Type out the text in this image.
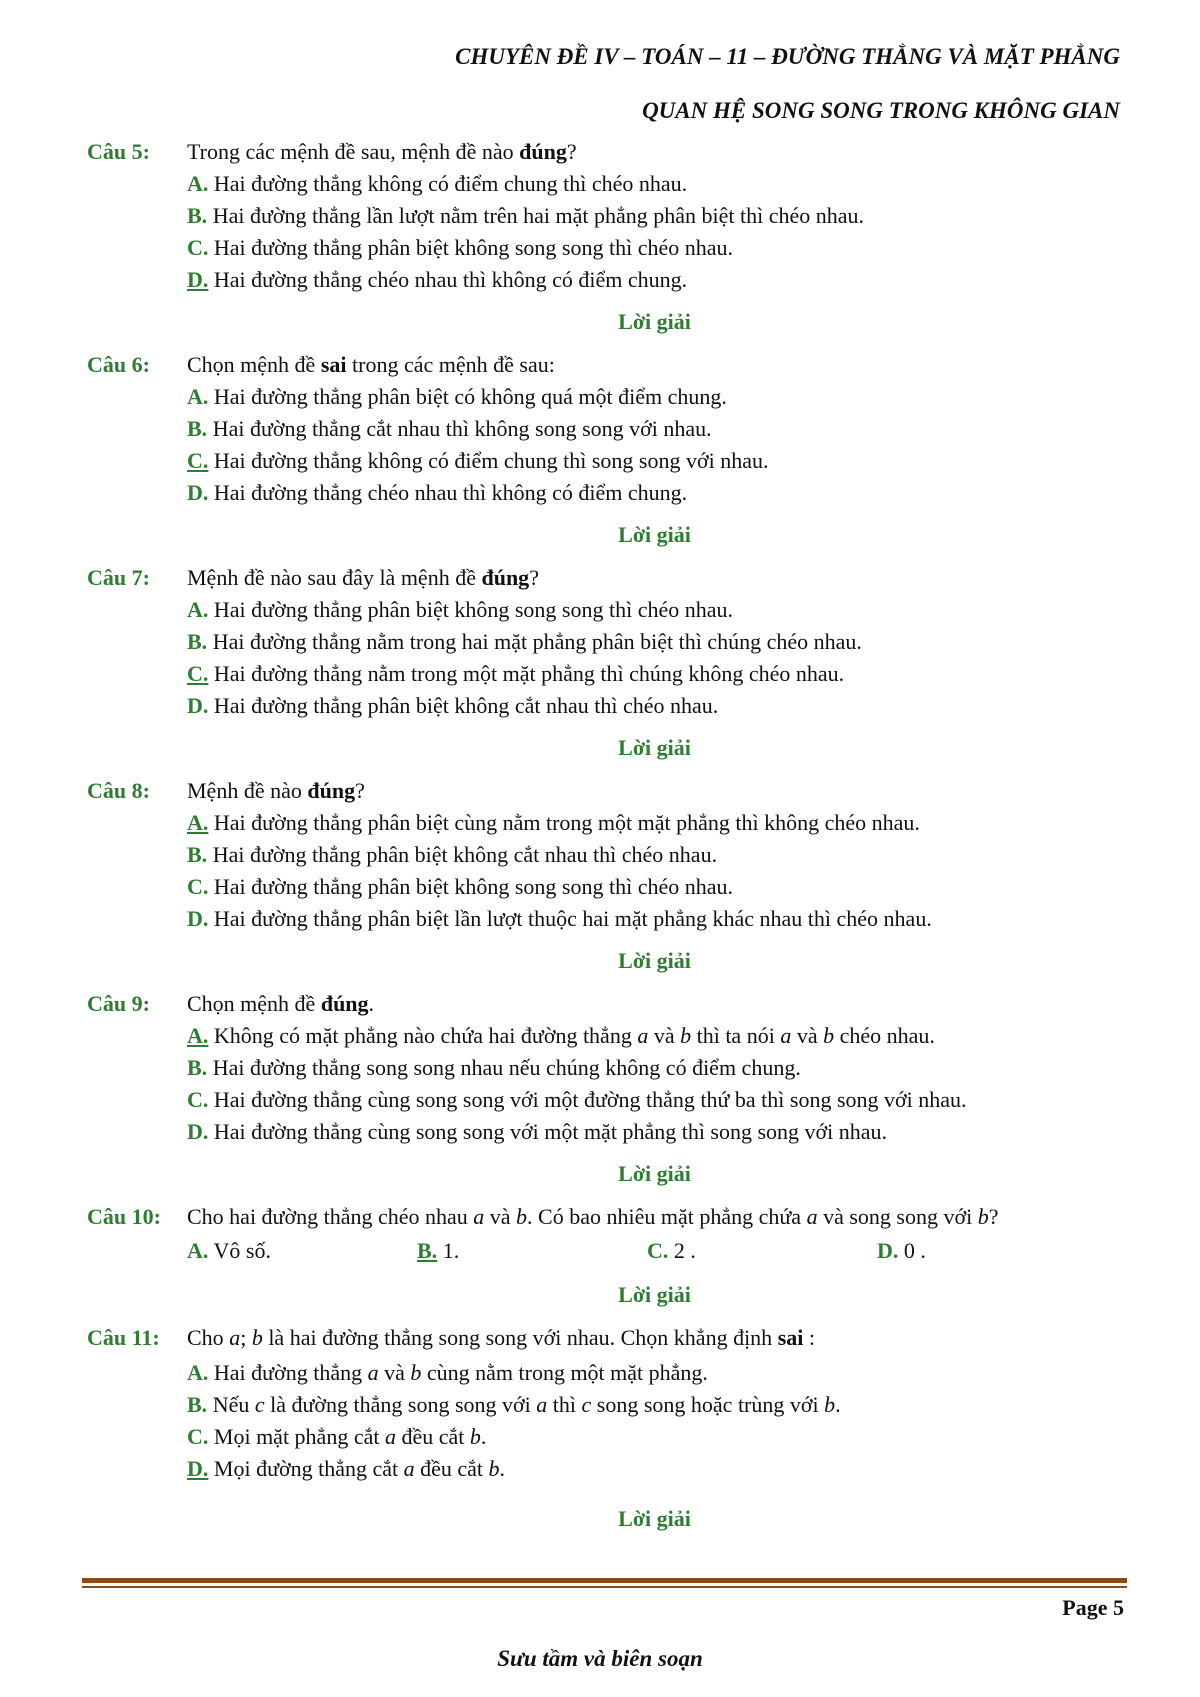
CHUYÊN ĐỀ IV – TOÁN – 11 – ĐƯỜNG THẲNG VÀ MẶT PHẲNG
QUAN HỆ SONG SONG TRONG KHÔNG GIAN
Câu 5:	Trong các mệnh đề sau, mệnh đề nào đúng?
A. Hai đường thẳng không có điểm chung thì chéo nhau.
B. Hai đường thẳng lần lượt nằm trên hai mặt phẳng phân biệt thì chéo nhau.
C. Hai đường thẳng phân biệt không song song thì chéo nhau.
D. Hai đường thẳng chéo nhau thì không có điểm chung.
Lời giải
Câu 6:	Chọn mệnh đề sai trong các mệnh đề sau:
A. Hai đường thẳng phân biệt có không quá một điểm chung.
B. Hai đường thẳng cắt nhau thì không song song với nhau.
C. Hai đường thẳng không có điểm chung thì song song với nhau.
D. Hai đường thẳng chéo nhau thì không có điểm chung.
Lời giải
Câu 7:	Mệnh đề nào sau đây là mệnh đề đúng?
A. Hai đường thẳng phân biệt không song song thì chéo nhau.
B. Hai đường thẳng nằm trong hai mặt phẳng phân biệt thì chúng chéo nhau.
C. Hai đường thẳng nằm trong một mặt phẳng thì chúng không chéo nhau.
D. Hai đường thẳng phân biệt không cắt nhau thì chéo nhau.
Lời giải
Câu 8:	Mệnh đề nào đúng?
A. Hai đường thẳng phân biệt cùng nằm trong một mặt phẳng thì không chéo nhau.
B. Hai đường thẳng phân biệt không cắt nhau thì chéo nhau.
C. Hai đường thẳng phân biệt không song song thì chéo nhau.
D. Hai đường thẳng phân biệt lần lượt thuộc hai mặt phẳng khác nhau thì chéo nhau.
Lời giải
Câu 9:	Chọn mệnh đề đúng.
A. Không có mặt phẳng nào chứa hai đường thẳng a và b thì ta nói a và b chéo nhau.
B. Hai đường thẳng song song nhau nếu chúng không có điểm chung.
C. Hai đường thẳng cùng song song với một đường thẳng thứ ba thì song song với nhau.
D. Hai đường thẳng cùng song song với một mặt phẳng thì song song với nhau.
Lời giải
Câu 10:	Cho hai đường thẳng chéo nhau a và b. Có bao nhiêu mặt phẳng chứa a và song song với b?
A. Vô số.	B. 1.	C. 2 .	D. 0 .
Lời giải
Câu 11:	Cho a; b là hai đường thẳng song song với nhau. Chọn khẳng định sai :
A. Hai đường thẳng a và b cùng nằm trong một mặt phẳng.
B. Nếu c là đường thẳng song song với a thì c song song hoặc trùng với b.
C. Mọi mặt phẳng cắt a đều cắt b.
D. Mọi đường thẳng cắt a đều cắt b.
Lời giải
Page 5
Sưu tầm và biên soạn
